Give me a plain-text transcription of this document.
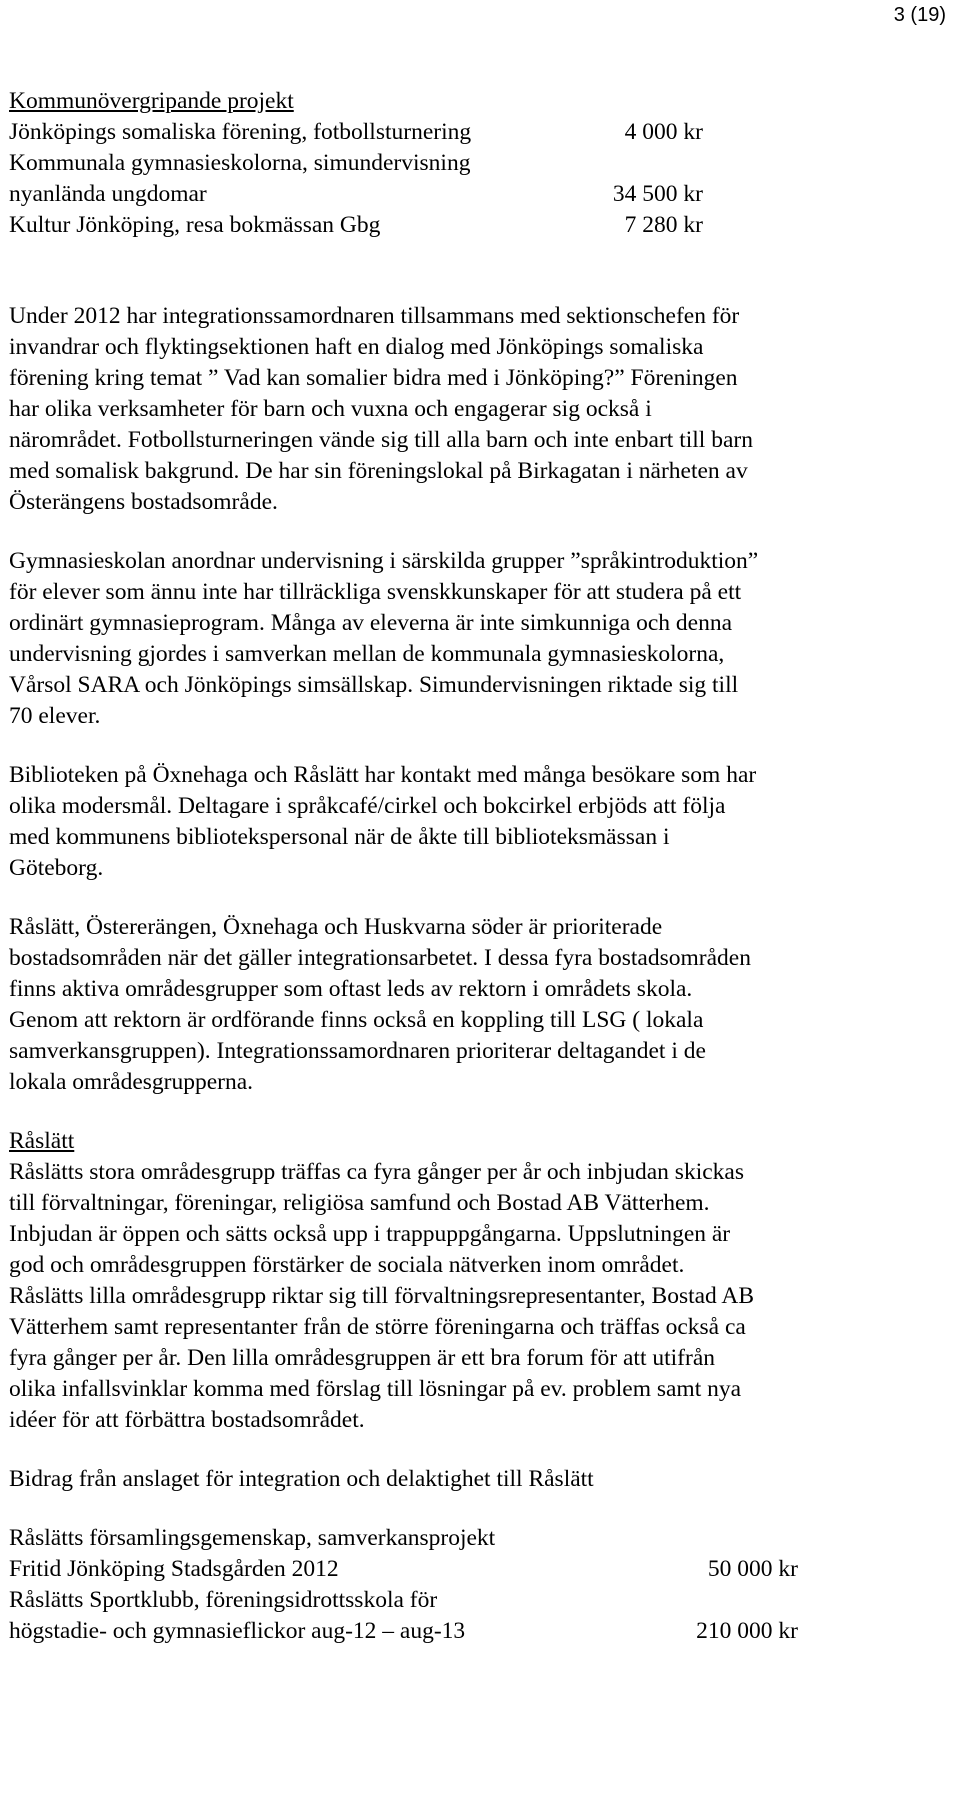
3 (19)
Kommunövergripande projekt
Jönköpings somaliska förening, fotbollsturnering	4 000 kr
Kommunala gymnasieskolorna, simundervisning
nyanlända ungdomar	34 500 kr
Kultur Jönköping, resa bokmässan Gbg	7 280 kr
Under 2012 har integrationssamordnaren tillsammans med sektionschefen för
invandrar och flyktingsektionen haft en dialog med Jönköpings somaliska
förening kring temat ” Vad kan somalier bidra med i Jönköping?” Föreningen
har olika verksamheter för barn och vuxna och engagerar sig också i
närområdet. Fotbollsturneringen vände sig till alla barn och inte enbart till barn
med somalisk bakgrund. De har sin föreningslokal på Birkagatan i närheten av
Österängens bostadsområde.
Gymnasieskolan anordnar undervisning i särskilda grupper ”språkintroduktion”
för elever som ännu inte har tillräckliga svenskkunskaper för att studera på ett
ordinärt gymnasieprogram. Många av eleverna är inte simkunniga och denna
undervisning gjordes i samverkan mellan de kommunala gymnasieskolorna,
Vårsol SARA och Jönköpings simsällskap. Simundervisningen riktade sig till
70 elever.
Biblioteken på Öxnehaga och Råslätt har kontakt med många besökare som har
olika modersmål. Deltagare i språkcafé/cirkel och bokcirkel erbjöds att följa
med kommunens bibliotekspersonal när de åkte till biblioteksmässan i
Göteborg.
Råslätt, Östererängen, Öxnehaga och Huskvarna söder är prioriterade
bostadsområden när det gäller integrationsarbetet. I dessa fyra bostadsområden
finns aktiva områdesgrupper som oftast leds av rektorn i områdets skola.
Genom att rektorn är ordförande finns också en koppling till LSG ( lokala
samverkansgruppen). Integrationssamordnaren prioriterar deltagandet i de
lokala områdesgrupperna.
Råslätt
Råslätts stora områdesgrupp träffas ca fyra gånger per år och inbjudan skickas
till förvaltningar, föreningar, religiösa samfund och Bostad AB Vätterhem.
Inbjudan är öppen och sätts också upp i trappuppgångarna. Uppslutningen är
god och områdesgruppen förstärker de sociala nätverken inom området.
Råslätts lilla områdesgrupp riktar sig till förvaltningsrepresentanter, Bostad AB
Vätterhem samt representanter från de större föreningarna och träffas också ca
fyra gånger per år. Den lilla områdesgruppen är ett bra forum för att utifrån
olika infallsvinklar komma med förslag till lösningar på ev. problem samt nya
idéer för att förbättra bostadsområdet.
Bidrag från anslaget för integration och delaktighet till Råslätt
Råslätts församlingsgemenskap, samverkansprojekt
Fritid Jönköping Stadsgården 2012	50 000 kr
Råslätts Sportklubb, föreningsidrottsskola för
högstadie- och gymnasieflickor aug-12 – aug-13	210 000 kr
